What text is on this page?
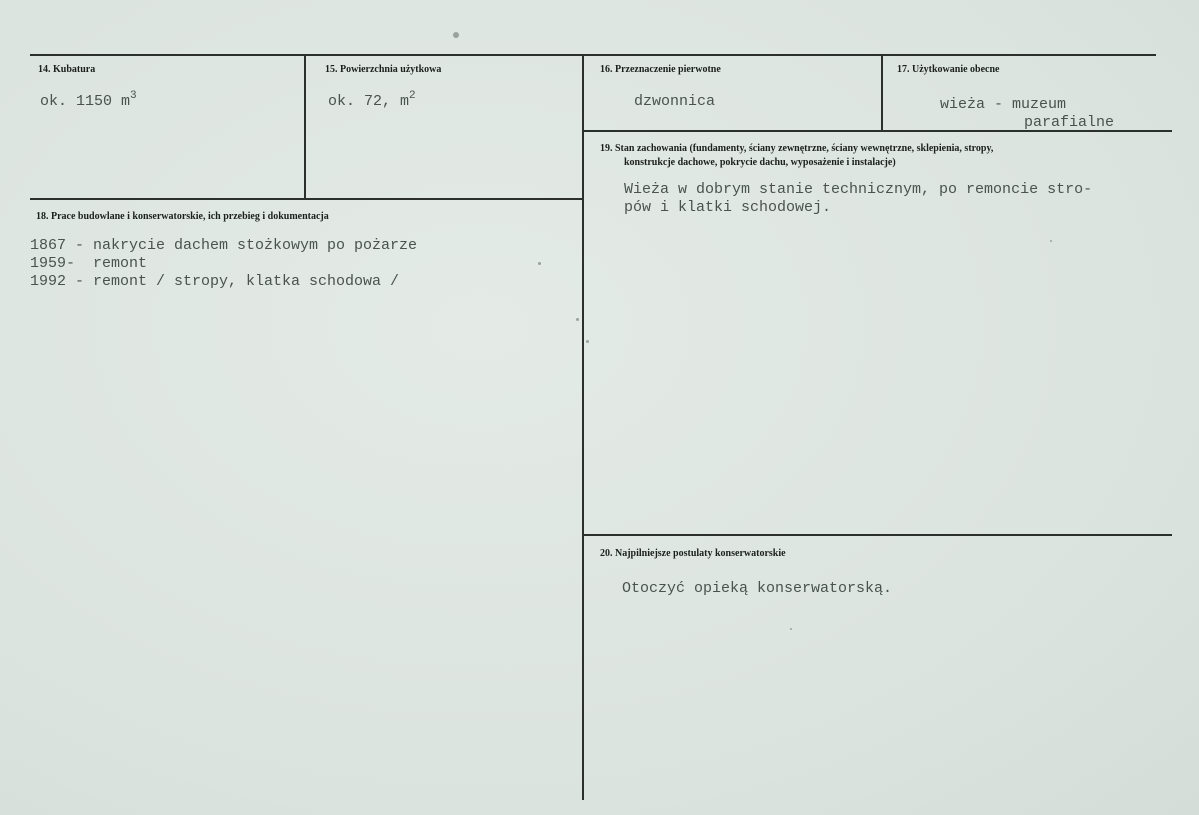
14. Kubatura
ok. 1150 $m^3$
15. Powierzchnia użytkowa
ok. 72, $m^2$
16. Przeznaczenie pierwotne
dzwonnica
17. Użytkowanie obecne
wieża - muzeum
parafialne
19. Stan zachowania (fundamenty, ściany zewnętrzne, ściany wewnętrzne, sklepienia, stropy,
konstrukcje dachowe, pokrycie dachu, wyposażenie i instalacje)
Wieża w dobrym stanie technicznym, po remoncie stro-
pów i klatki schodowej.
18. Prace budowlane i konserwatorskie, ich przebieg i dokumentacja
1867 - nakrycie dachem stożkowym po pożarze
1959-  remont
1992 - remont / stropy, klatka schodowa /
20. Najpilniejsze postulaty konserwatorskie
Otoczyć opieką konserwatorską.
